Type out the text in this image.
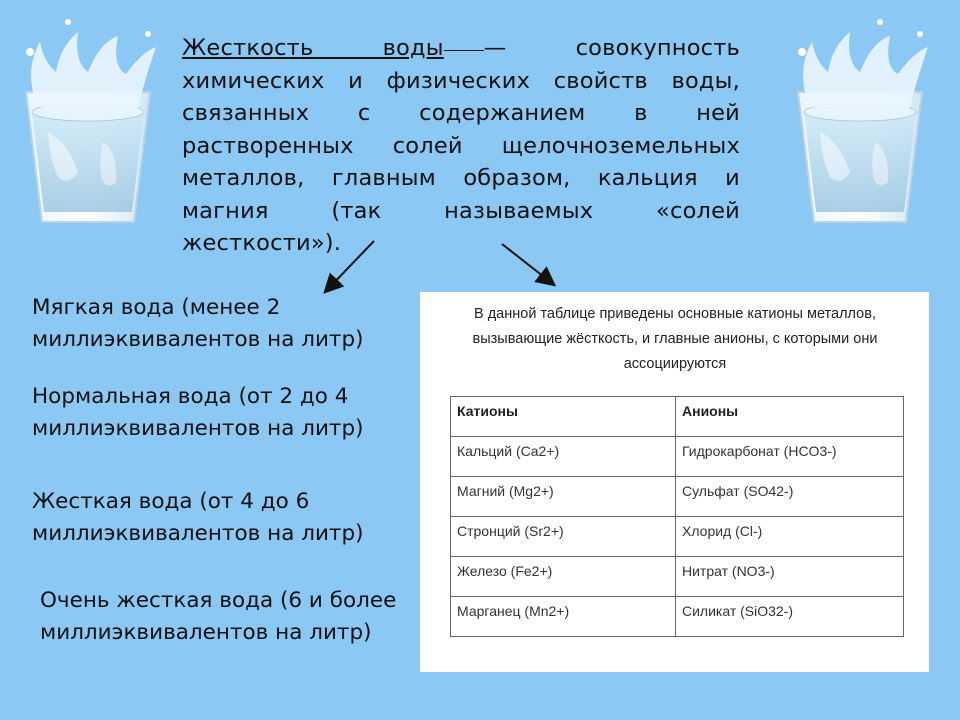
Жесткость воды —	совокупность химических и физических свойств воды, связанных с содержанием в ней растворенных солей щелочноземельных металлов, главным образом, кальция и магния (так называемых «солей жесткости»).
Мягкая вода (менее 2 миллиэквивалентов на литр)
Нормальная вода (от 2 до 4 миллиэквивалентов на литр)
Жесткая вода (от 4 до 6 миллиэквивалентов на литр)
Очень жесткая вода (6 и более миллиэквивалентов на литр)
В данной таблице приведены основные катионы металлов, вызывающие жёсткость, и главные анионы, с которыми они ассоциируются
Катионы	Анионы
Кальций (Ca2+)	Гидрокарбонат (HCO3-)
Магний (Mg2+)	Сульфат (SO42-)
Стронций (Sr2+)	Хлорид (Cl-)
Железо (Fe2+)	Нитрат (NO3-)
Марганец (Mn2+)	Силикат (SiO32-)
